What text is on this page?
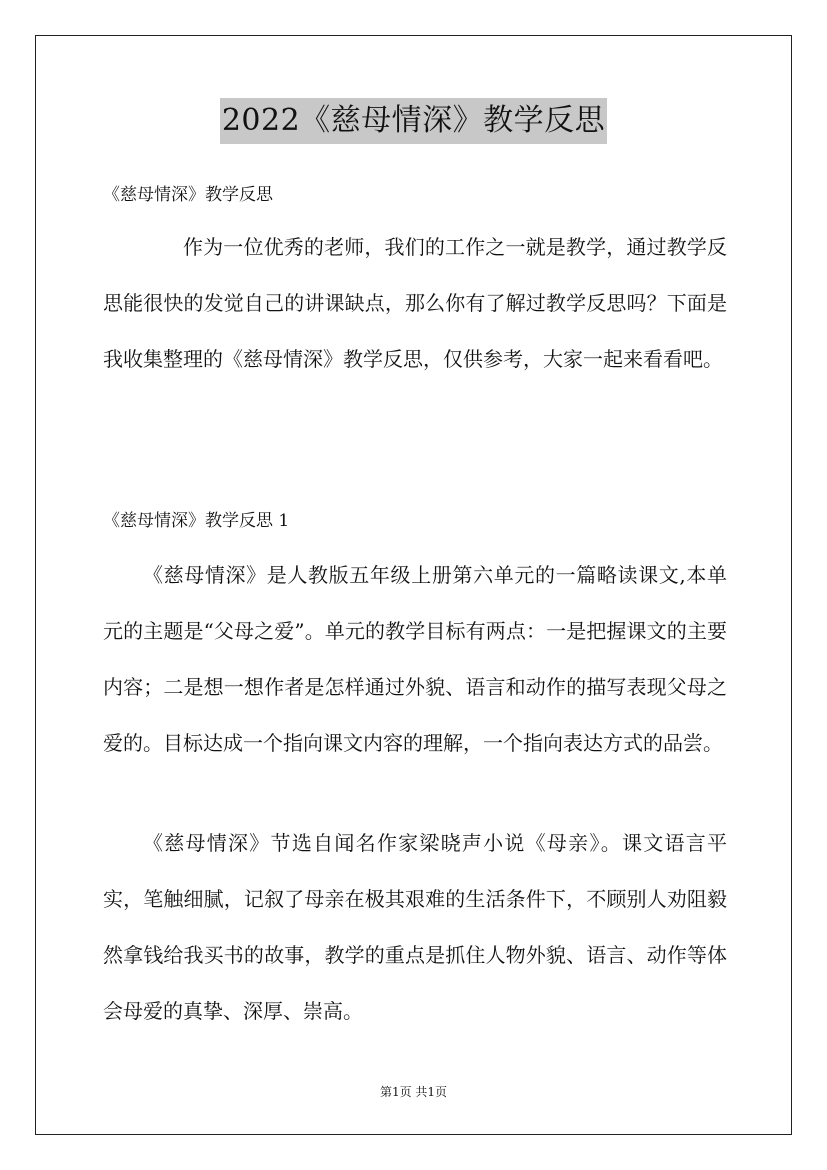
2022《慈母情深》教学反思
《慈母情深》教学反思

作为一位优秀的老师，我们的工作之一就是教学，通过教学反思能很快的发觉自己的讲课缺点，那么你有了解过教学反思吗？下面是我收集整理的《慈母情深》教学反思，仅供参考，大家一起来看看吧。

《慈母情深》教学反思 1

《慈母情深》是人教版五年级上册第六单元的一篇略读课文,本单元的主题是“父母之爱”。单元的教学目标有两点：一是把握课文的主要内容；二是想一想作者是怎样通过外貌、语言和动作的描写表现父母之爱的。目标达成一个指向课文内容的理解，一个指向表达方式的品尝。

《慈母情深》节选自闻名作家梁晓声小说《母亲》。课文语言平实，笔触细腻，记叙了母亲在极其艰难的生活条件下，不顾别人劝阻毅然拿钱给我买书的故事，教学的重点是抓住人物外貌、语言、动作等体会母爱的真挚、深厚、崇高。

第1页 共1页
